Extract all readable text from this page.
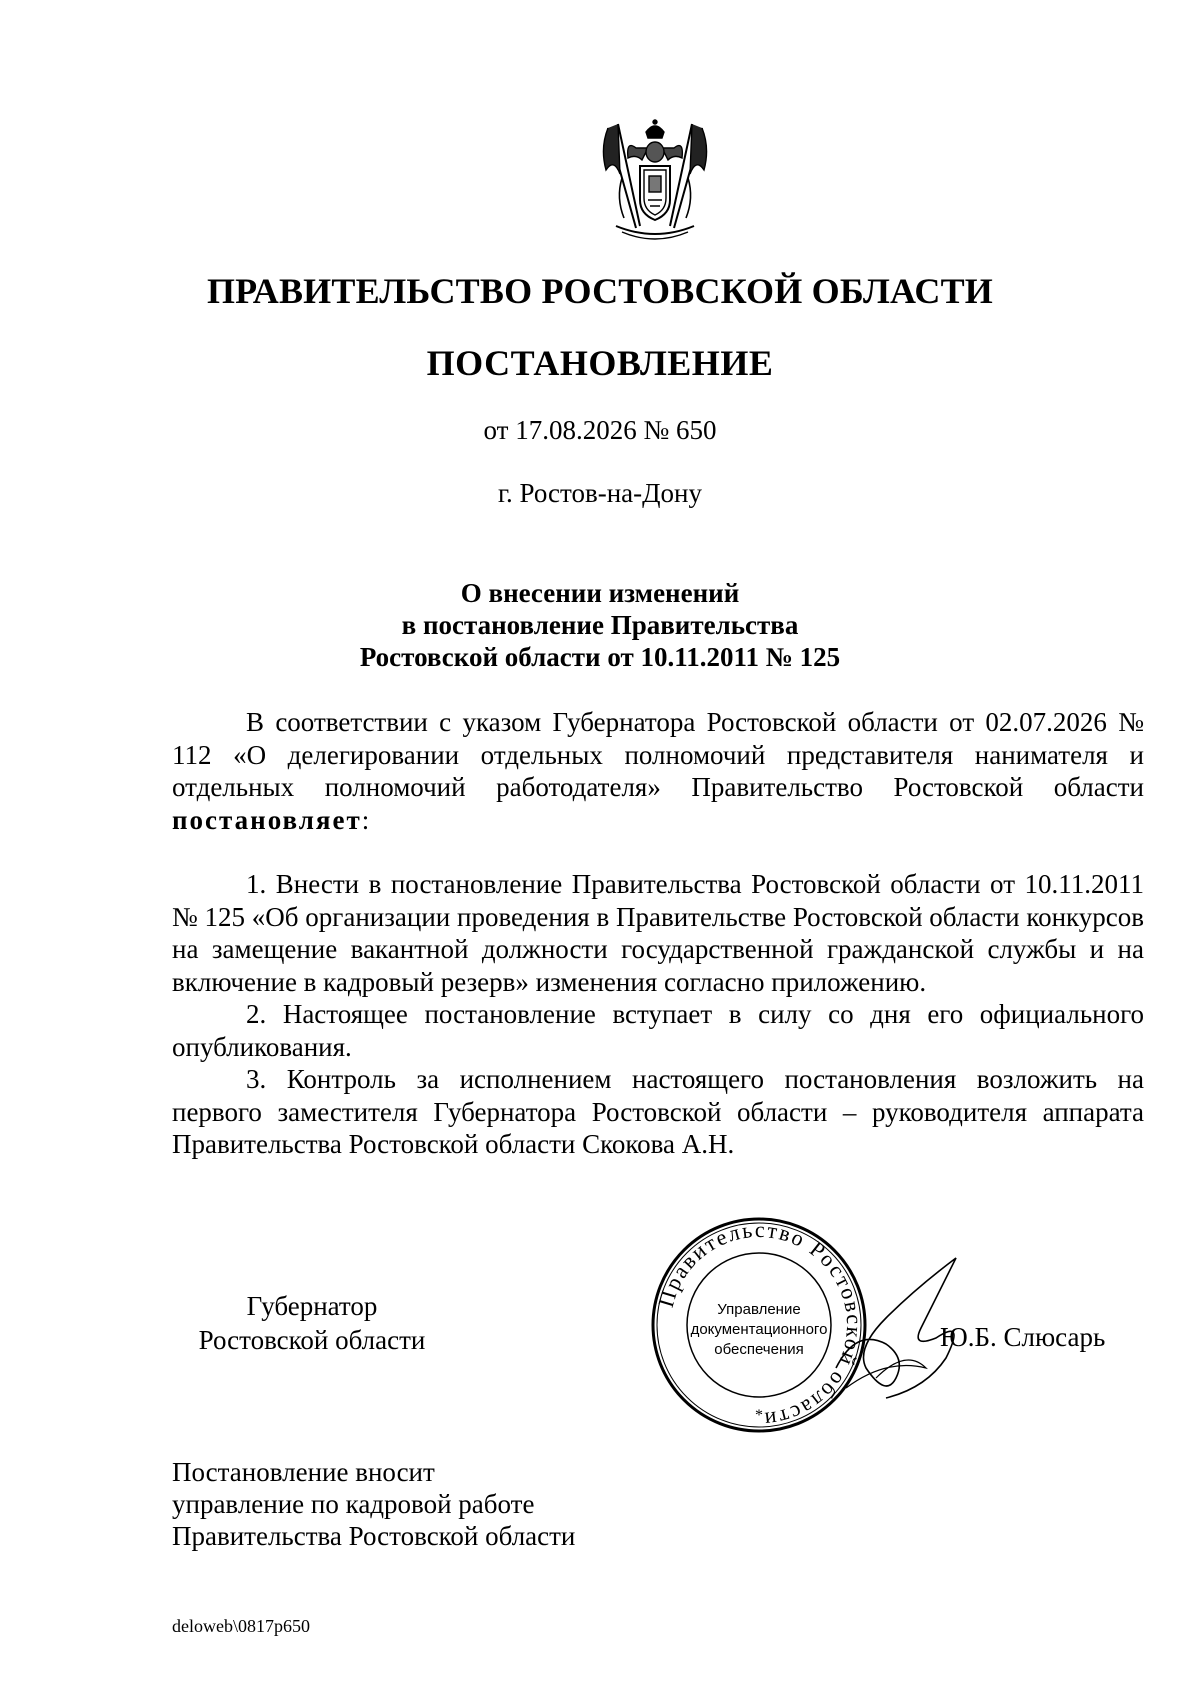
ПРАВИТЕЛЬСТВО РОСТОВСКОЙ ОБЛАСТИ
ПОСТАНОВЛЕНИЕ
от 17.08.2026 № 650
г. Ростов-на-Дону
О внесении изменений
в постановление Правительства
Ростовской области от 10.11.2011 № 125

В соответствии с указом Губернатора Ростовской области от 02.07.2026 № 112 «О делегировании отдельных полномочий представителя нанимателя и отдельных полномочий работодателя» Правительство Ростовской области постановляет:

1. Внести в постановление Правительства Ростовской области от 10.11.2011 № 125 «Об организации проведения в Правительстве Ростовской области конкурсов на замещение вакантной должности государственной гражданской службы и на включение в кадровый резерв» изменения согласно приложению.

2. Настоящее постановление вступает в силу со дня его официального опубликования.

3. Контроль за исполнением настоящего постановления возложить на первого заместителя Губернатора Ростовской области – руководителя аппарата Правительства Ростовской области Скокова А.Н.

Губернатор
Ростовской области
Правительство Ростовской области
Управление
документационного
обеспечения
*
Ю.Б. Слюсарь
Постановление вносит
управление по кадровой работе
Правительства Ростовской области
deloweb\0817p650
